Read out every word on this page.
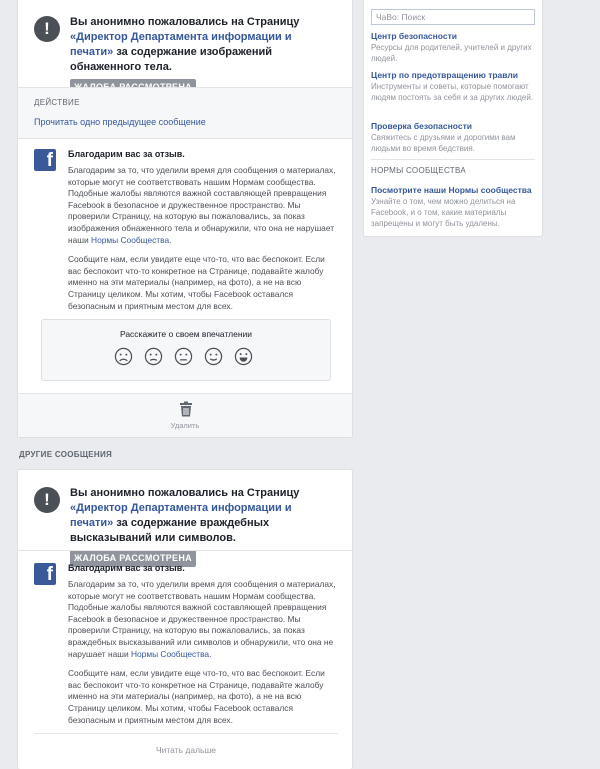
!	Вы анонимно пожаловались на Страницу «Директор Департамента информации и печати» за содержание изображений обнаженного тела.

ДЕЙСТВИЕ
Прочитать одно предыдущее сообщение
f	Благодарим вас за отзыв.

Благодарим за то, что уделили время для сообщения о материалах, которые могут не соответствовать нашим Нормам сообщества. Подобные жалобы являются важной составляющей превращения Facebook в безопасное и дружественное пространство. Мы проверили Страницу, на которую вы пожаловались, за показ изображения обнаженного тела и обнаружили, что она не нарушает наши Нормы Сообщества.

Сообщите нам, если увидите еще что-то, что вас беспокоит. Если вас беспокоит что-то конкретное на Странице, подавайте жалобу именно на эти материалы (например, на фото), а не на всю Страницу целиком. Мы хотим, чтобы Facebook оставался безопасным и приятным местом для всех.

Расскажите о своем впечатлении
Удалить
ДРУГИЕ СООБЩЕНИЯ
!	Вы анонимно пожаловались на Страницу «Директор Департамента информации и печати» за содержание враждебных высказываний или символов.
ЖАЛОБА РАССМОТРЕНА
f	Благодарим вас за отзыв.

Благодарим за то, что уделили время для сообщения о материалах, которые могут не соответствовать нашим Нормам сообщества. Подобные жалобы являются важной составляющей превращения Facebook в безопасное и дружественное пространство. Мы проверили Страницу, на которую вы пожаловались, за показ враждебных высказываний или символов и обнаружили, что она не нарушает наши Нормы Сообщества.

Сообщите нам, если увидите еще что-то, что вас беспокоит. Если вас беспокоит что-то конкретное на Странице, подавайте жалобу именно на эти материалы (например, на фото), а не на всю Страницу целиком. Мы хотим, чтобы Facebook оставался безопасным и приятным местом для всех.

Читать дальше
ЧаВо: Поиск
Центр безопасности
Ресурсы для родителей, учителей и других людей.
Центр по предотвращению травли
Инструменты и советы, которые помогают людям постоять за себя и за других людей.
Проверка безопасности
Свяжитесь с друзьями и дорогими вам людьми во время бедствия.
НОРМЫ СООБЩЕСТВА
Посмотрите наши Нормы сообщества
Узнайте о том, чем можно делиться на Facebook, и о том, какие материалы запрещены и могут быть удалены.
